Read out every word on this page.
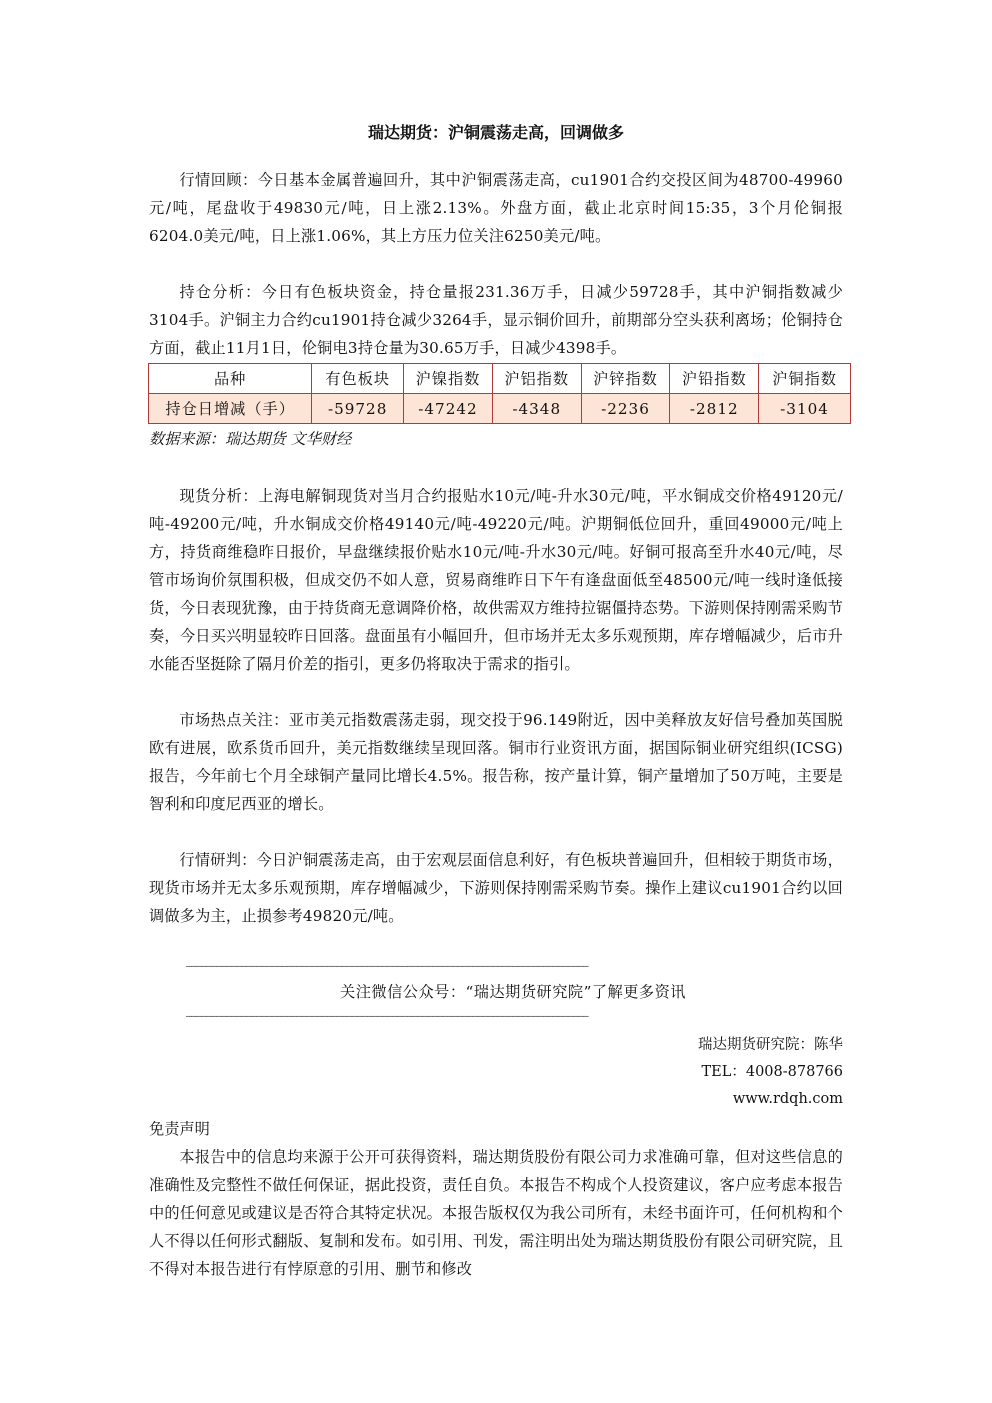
瑞达期货：沪铜震荡走高，回调做多

行情回顾：今日基本金属普遍回升，其中沪铜震荡走高，cu1901合约交投区间为48700-49960元/吨，尾盘收于49830元/吨，日上涨2.13%。外盘方面，截止北京时间15:35，3个月伦铜报6204.0美元/吨，日上涨1.06%，其上方压力位关注6250美元/吨。

持仓分析：今日有色板块资金，持仓量报231.36万手，日减少59728手，其中沪铜指数减少3104手。沪铜主力合约cu1901持仓减少3264手，显示铜价回升，前期部分空头获利离场；伦铜持仓方面，截止11月1日，伦铜电3持仓量为30.65万手，日减少4398手。

品种	有色板块	沪镍指数	沪铝指数	沪锌指数	沪铅指数	沪铜指数
持仓日增减（手）	-59728	-47242	-4348	-2236	-2812	-3104
数据来源：瑞达期货 文华财经

现货分析：上海电解铜现货对当月合约报贴水10元/吨-升水30元/吨，平水铜成交价格49120元/吨-49200元/吨，升水铜成交价格49140元/吨-49220元/吨。沪期铜低位回升，重回49000元/吨上方，持货商维稳昨日报价，早盘继续报价贴水10元/吨-升水30元/吨。好铜可报高至升水40元/吨，尽管市场询价氛围积极，但成交仍不如人意，贸易商维昨日下午有逢盘面低至48500元/吨一线时逢低接货，今日表现犹豫，由于持货商无意调降价格，故供需双方维持拉锯僵持态势。下游则保持刚需采购节奏，今日买兴明显较昨日回落。盘面虽有小幅回升，但市场并无太多乐观预期，库存增幅减少，后市升水能否坚挺除了隔月价差的指引，更多仍将取决于需求的指引。

市场热点关注：亚市美元指数震荡走弱，现交投于96.149附近，因中美释放友好信号叠加英国脱欧有进展，欧系货币回升，美元指数继续呈现回落。铜市行业资讯方面，据国际铜业研究组织(ICSG)报告，今年前七个月全球铜产量同比增长4.5%。报告称，按产量计算，铜产量增加了50万吨，主要是智利和印度尼西亚的增长。

行情研判：今日沪铜震荡走高，由于宏观层面信息利好，有色板块普遍回升，但相较于期货市场，现货市场并无太多乐观预期，库存增幅减少，下游则保持刚需采购节奏。操作上建议cu1901合约以回调做多为主，止损参考49820元/吨。

————————————————————————————————————————————————————————————————————————————————
关注微信公众号：“瑞达期货研究院”了解更多资讯
————————————————————————————————————————————————————————————————————————————————
瑞达期货研究院：陈华
TEL：4008-878766
www.rdqh.com
免责声明

本报告中的信息均来源于公开可获得资料，瑞达期货股份有限公司力求准确可靠，但对这些信息的准确性及完整性不做任何保证，据此投资，责任自负。本报告不构成个人投资建议，客户应考虑本报告中的任何意见或建议是否符合其特定状况。本报告版权仅为我公司所有，未经书面许可，任何机构和个人不得以任何形式翻版、复制和发布。如引用、刊发，需注明出处为瑞达期货股份有限公司研究院，且不得对本报告进行有悖原意的引用、删节和修改
